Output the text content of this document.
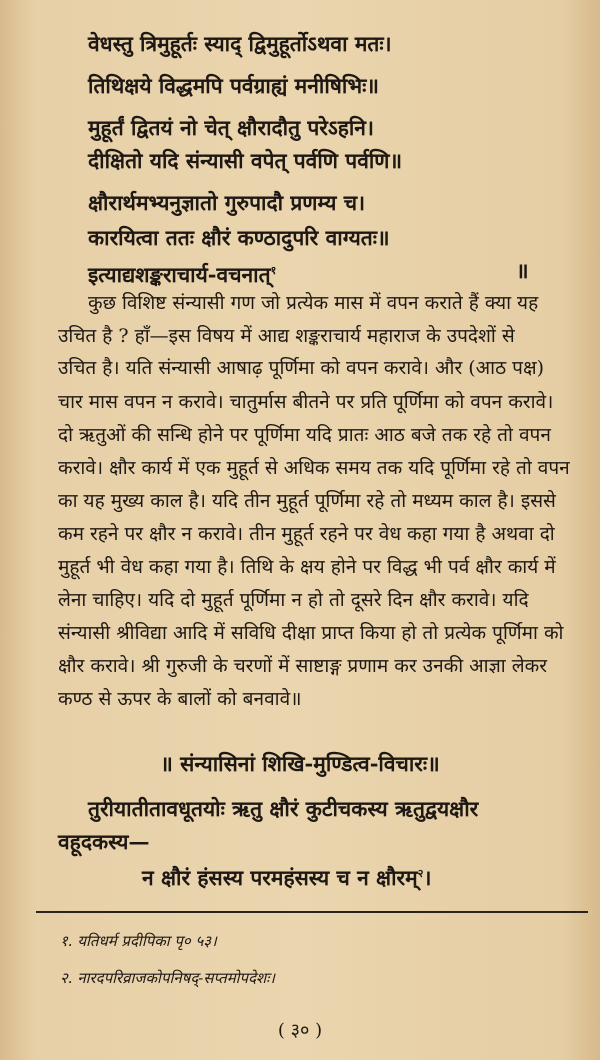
वेधस्तु त्रिमुहूर्तः स्याद् द्विमुहूर्तोऽथवा मतः।
तिथिक्षये विद्धमपि पर्वग्राह्यं मनीषिभिः॥
मुहूर्तं द्वितयं नो चेत् क्षौरादौतु परेऽहनि।
दीक्षितो यदि संन्यासी वपेत् पर्वणि पर्वणि॥
क्षौरार्थमभ्यनुज्ञातो गुरुपादौ प्रणम्य च।
कारयित्वा ततः क्षौरं कण्ठादुपरि वाग्यतः॥
इत्याद्यशङ्कराचार्य-वचनात्$^१$	॥
कुछ विशिष्ट संन्यासी गण जो प्रत्येक मास में वपन कराते हैं क्या यह
उचित है ? हाँ—इस विषय में आद्य शङ्कराचार्य महाराज के उपदेशों से
उचित है। यति संन्यासी आषाढ़ पूर्णिमा को वपन करावे। और (आठ पक्ष)
चार मास वपन न करावे। चातुर्मास बीतने पर प्रति पूर्णिमा को वपन करावे।
दो ऋतुओं की सन्धि होने पर पूर्णिमा यदि प्रातः आठ बजे तक रहे तो वपन
करावे। क्षौर कार्य में एक मुहूर्त से अधिक समय तक यदि पूर्णिमा रहे तो वपन
का यह मुख्य काल है। यदि तीन मुहूर्त पूर्णिमा रहे तो मध्यम काल है। इससे
कम रहने पर क्षौर न करावे। तीन मुहूर्त रहने पर वेध कहा गया है अथवा दो
मुहूर्त भी वेध कहा गया है। तिथि के क्षय होने पर विद्ध भी पर्व क्षौर कार्य में
लेना चाहिए। यदि दो मुहूर्त पूर्णिमा न हो तो दूसरे दिन क्षौर करावे। यदि
संन्यासी श्रीविद्या आदि में सविधि दीक्षा प्राप्त किया हो तो प्रत्येक पूर्णिमा को
क्षौर करावे। श्री गुरुजी के चरणों में साष्टाङ्ग प्रणाम कर उनकी आज्ञा लेकर
कण्ठ से ऊपर के बालों को बनवावे॥
॥ संन्यासिनां शिखि-मुण्डित्व-विचारः॥
तुरीयातीतावधूतयोः ऋतु क्षौरं कुटीचकस्य ऋतुद्वयक्षौर
वहूदकस्य—
न क्षौरं हंसस्य परमहंसस्य च न क्षौरम्$^२$।
१. यतिधर्म प्रदीपिका पृ० ५३।
२. नारदपरिव्राजकोपनिषद्-सप्तमोपदेशः।
( ३० )
